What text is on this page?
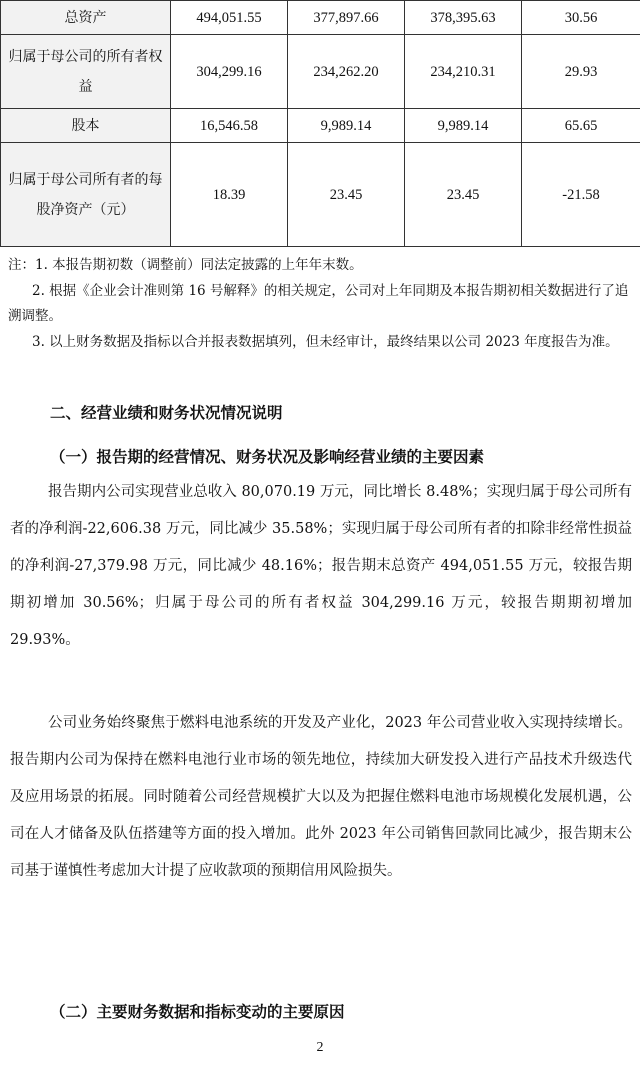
总资产	494,051.55	377,897.66	378,395.63	30.56
归属于母公司的所有者权益	304,299.16	234,262.20	234,210.31	29.93
股本	16,546.58	9,989.14	9,989.14	65.65
归属于母公司所有者的每股净资产（元）	18.39	23.45	23.45	-21.58

注：1. 本报告期初数（调整前）同法定披露的上年年末数。

2. 根据《企业会计准则第 16 号解释》的相关规定，公司对上年同期及本报告期初相关数据进行了追溯调整。

3. 以上财务数据及指标以合并报表数据填列，但未经审计，最终结果以公司 2023 年度报告为准。

二、经营业绩和财务状况情况说明
（一）报告期的经营情况、财务状况及影响经营业绩的主要因素

报告期内公司实现营业总收入 80,070.19 万元，同比增长 8.48%；实现归属于母公司所有者的净利润-22,606.38 万元，同比减少 35.58%；实现归属于母公司所有者的扣除非经常性损益的净利润-27,379.98 万元，同比减少 48.16%；报告期末总资产 494,051.55 万元，较报告期期初增加 30.56%；归属于母公司的所有者权益 304,299.16 万元，较报告期期初增加 29.93%。

公司业务始终聚焦于燃料电池系统的开发及产业化，2023 年公司营业收入实现持续增长。报告期内公司为保持在燃料电池行业市场的领先地位，持续加大研发投入进行产品技术升级迭代及应用场景的拓展。同时随着公司经营规模扩大以及为把握住燃料电池市场规模化发展机遇，公司在人才储备及队伍搭建等方面的投入增加。此外 2023 年公司销售回款同比减少，报告期末公司基于谨慎性考虑加大计提了应收款项的预期信用风险损失。

（二）主要财务数据和指标变动的主要原因
2
